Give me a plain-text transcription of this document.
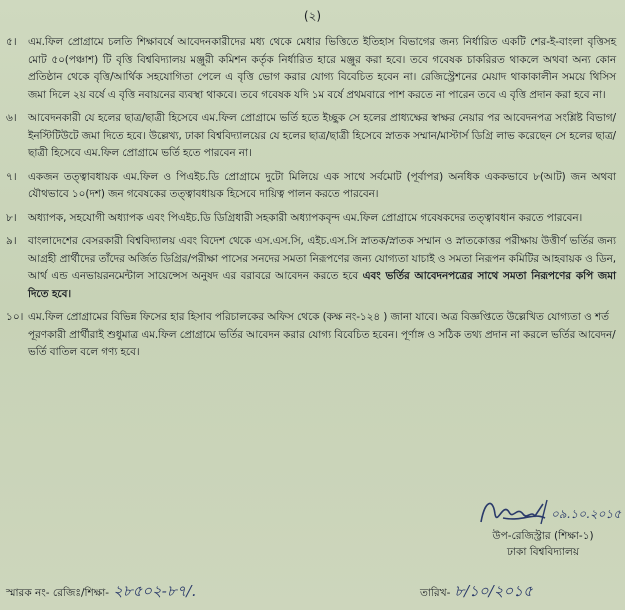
(২)
৫।	এম.ফিল প্রোগ্রামে চলতি শিক্ষাবর্ষে আবেদনকারীদের মধ্য থেকে মেধার ভিত্তিতে ইতিহাস বিভাগের জন্য নির্ধারিত একটি শের-ই-বাংলা বৃত্তিসহ মোট ৫০(পঞ্চাশ) টি বৃত্তি বিশ্ববিদ্যালয় মঞ্জুরী কমিশন কর্তৃক নির্ধারিত হারে মঞ্জুর করা হবে। তবে গবেষক চাকরিরত থাকলে অথবা অন্য কোন প্রতিষ্ঠান থেকে বৃত্তি/আর্থিক সহযোগিতা পেলে এ বৃত্তি ভোগ করার যোগ্য বিবেচিত হবেন না। রেজিস্ট্রেশনের মেয়াদ থাকাকালীন সময়ে থিসিস জমা দিলে ২য় বর্ষে এ বৃত্তি নবায়নের ব্যবস্থা থাকবে। তবে গবেষক যদি ১ম বর্ষে প্রথমবারে পাশ করতে না পারেন তবে এ বৃত্তি প্রদান করা হবে না।
৬।	আবেদনকারী যে হলের ছাত্র/ছাত্রী হিসেবে এম.ফিল প্রোগ্রামে ভর্তি হতে ইচ্ছুক সে হলের প্রাধ্যক্ষের স্বাক্ষর নেয়ার পর আবেদনপত্র সংশ্লিষ্ট বিভাগ/ইনস্টিটিউটে জমা দিতে হবে। উল্লেখ্য, ঢাকা বিশ্ববিদ্যালয়ের যে হলের ছাত্র/ছাত্রী হিসেবে স্নাতক সম্মান/মাস্টার্স ডিগ্রি লাভ করেছেন সে হলের ছাত্র/ছাত্রী হিসেবে এম.ফিল প্রোগ্রামে ভর্তি হতে পারবেন না।
৭।	একজন তত্ত্বাবধায়ক এম.ফিল ও পিএইচ.ডি প্রোগ্রামে দুটো মিলিয়ে এক সাথে সর্বমোট (পূর্বাপর) অনধিক এককভাবে ৮(আট) জন অথবা যৌথভাবে ১০(দশ) জন গবেষকের তত্ত্বাবধায়ক হিসেবে দায়িত্ব পালন করতে পারবেন।
৮।	অধ্যাপক, সহযোগী অধ্যাপক এবং পিএইচ.ডি ডিগ্রিধারী সহকারী অধ্যাপকবৃন্দ এম.ফিল প্রোগ্রামে গবেষকদের তত্ত্বাবধান করতে পারবেন।
৯।	বাংলাদেশের বেসরকারী বিশ্ববিদ্যালয় এবং বিদেশ থেকে এস.এস.সি, এইচ.এস.সি স্নাতক/স্নাতক সম্মান ও স্নাতকোত্তর পরীক্ষায় উত্তীর্ণ ভর্তির জন্য আগ্রহী প্রার্থীদের তাঁদের অর্জিত ডিগ্রির/পরীক্ষা পাসের সনদের সমতা নিরূপণের জন্য যোগ্যতা যাচাই ও সমতা নিরূপন কমিটির আহবায়ক ও ডিন, আর্থ এন্ড এনভায়রনমেন্টাল সায়েন্সেস অনুষদ এর বরাবরে আবেদন করতে হবে এবং ভর্তির আবেদনপত্রের সাথে সমতা নিরূপণের কপি জমা দিতে হবে।
১০। এম.ফিল প্রোগ্রামের বিভিন্ন ফিসের হার হিসাব পরিচালকের অফিস থেকে (কক্ষ নং-১২৪ ) জানা যাবে। অত্র বিজ্ঞপ্তিতে উল্লেখিত যোগ্যতা ও শর্ত পূরণকারী প্রার্থীরাই শুধুমাত্র এম.ফিল প্রোগ্রামে ভর্তির আবেদন করার যোগ্য বিবেচিত হবেন। পূর্ণাঙ্গ ও সঠিক তথ্য প্রদান না করলে ভর্তির আবেদন/ভর্তি বাতিল বলে গণ্য হবে।
০৯.১০.২০১৫
উপ-রেজিস্ট্রার (শিক্ষা-১)
ঢাকা বিশ্ববিদ্যালয়
স্মারক নং- রেজিঃ/শিক্ষা- ২৮৫০২-৮৭/.	তারিখ- ৮/১০/২০১৫
